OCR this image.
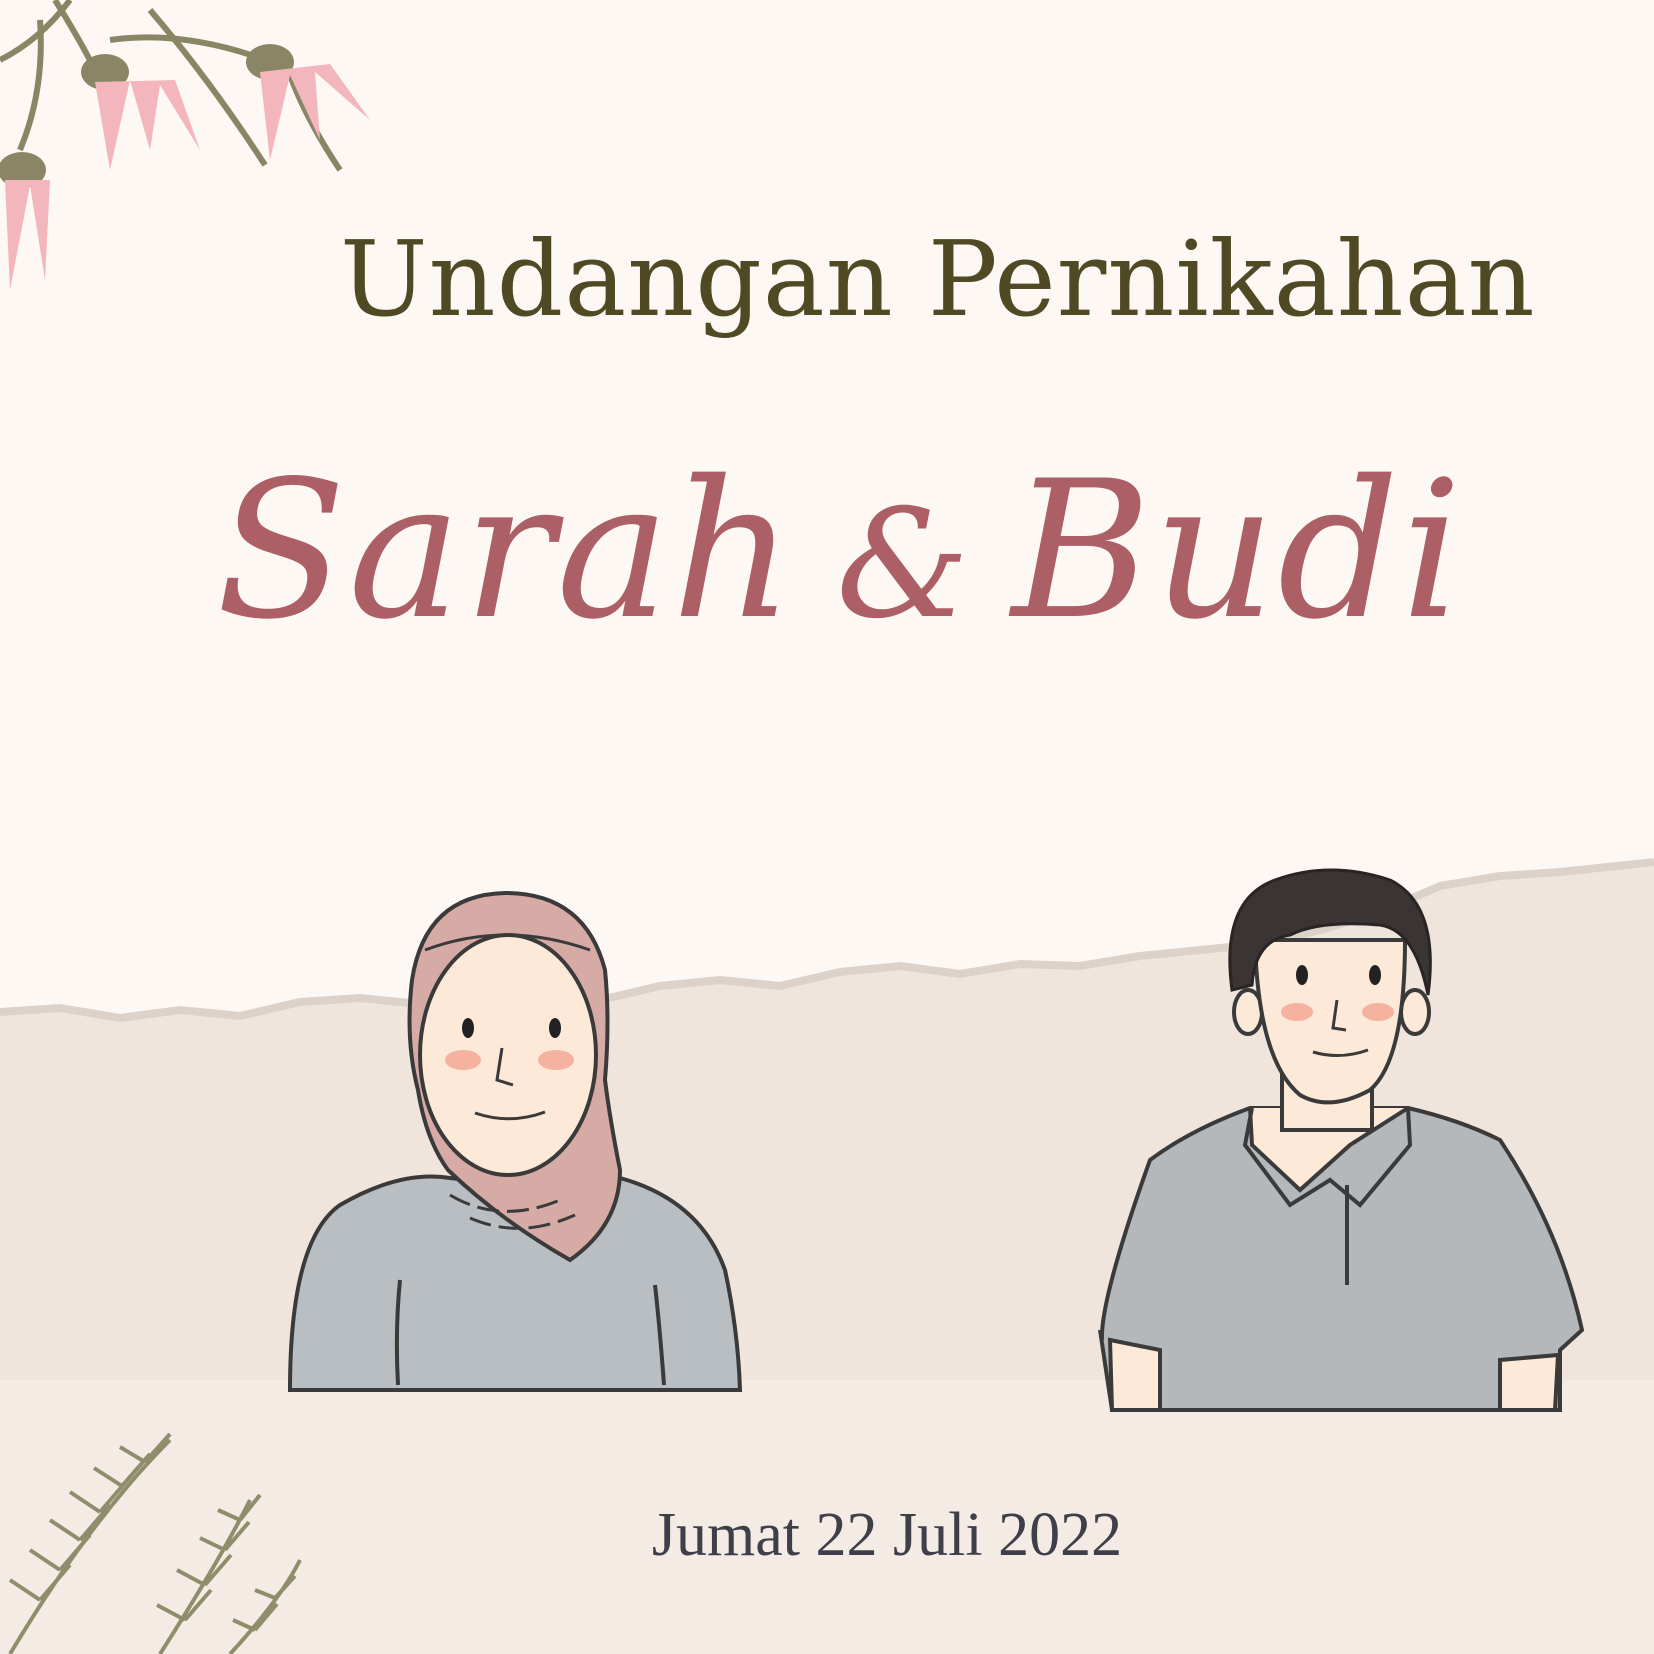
Undangan Pernikahan
Sarah & Budi

Jumat 22 Juli 2022
